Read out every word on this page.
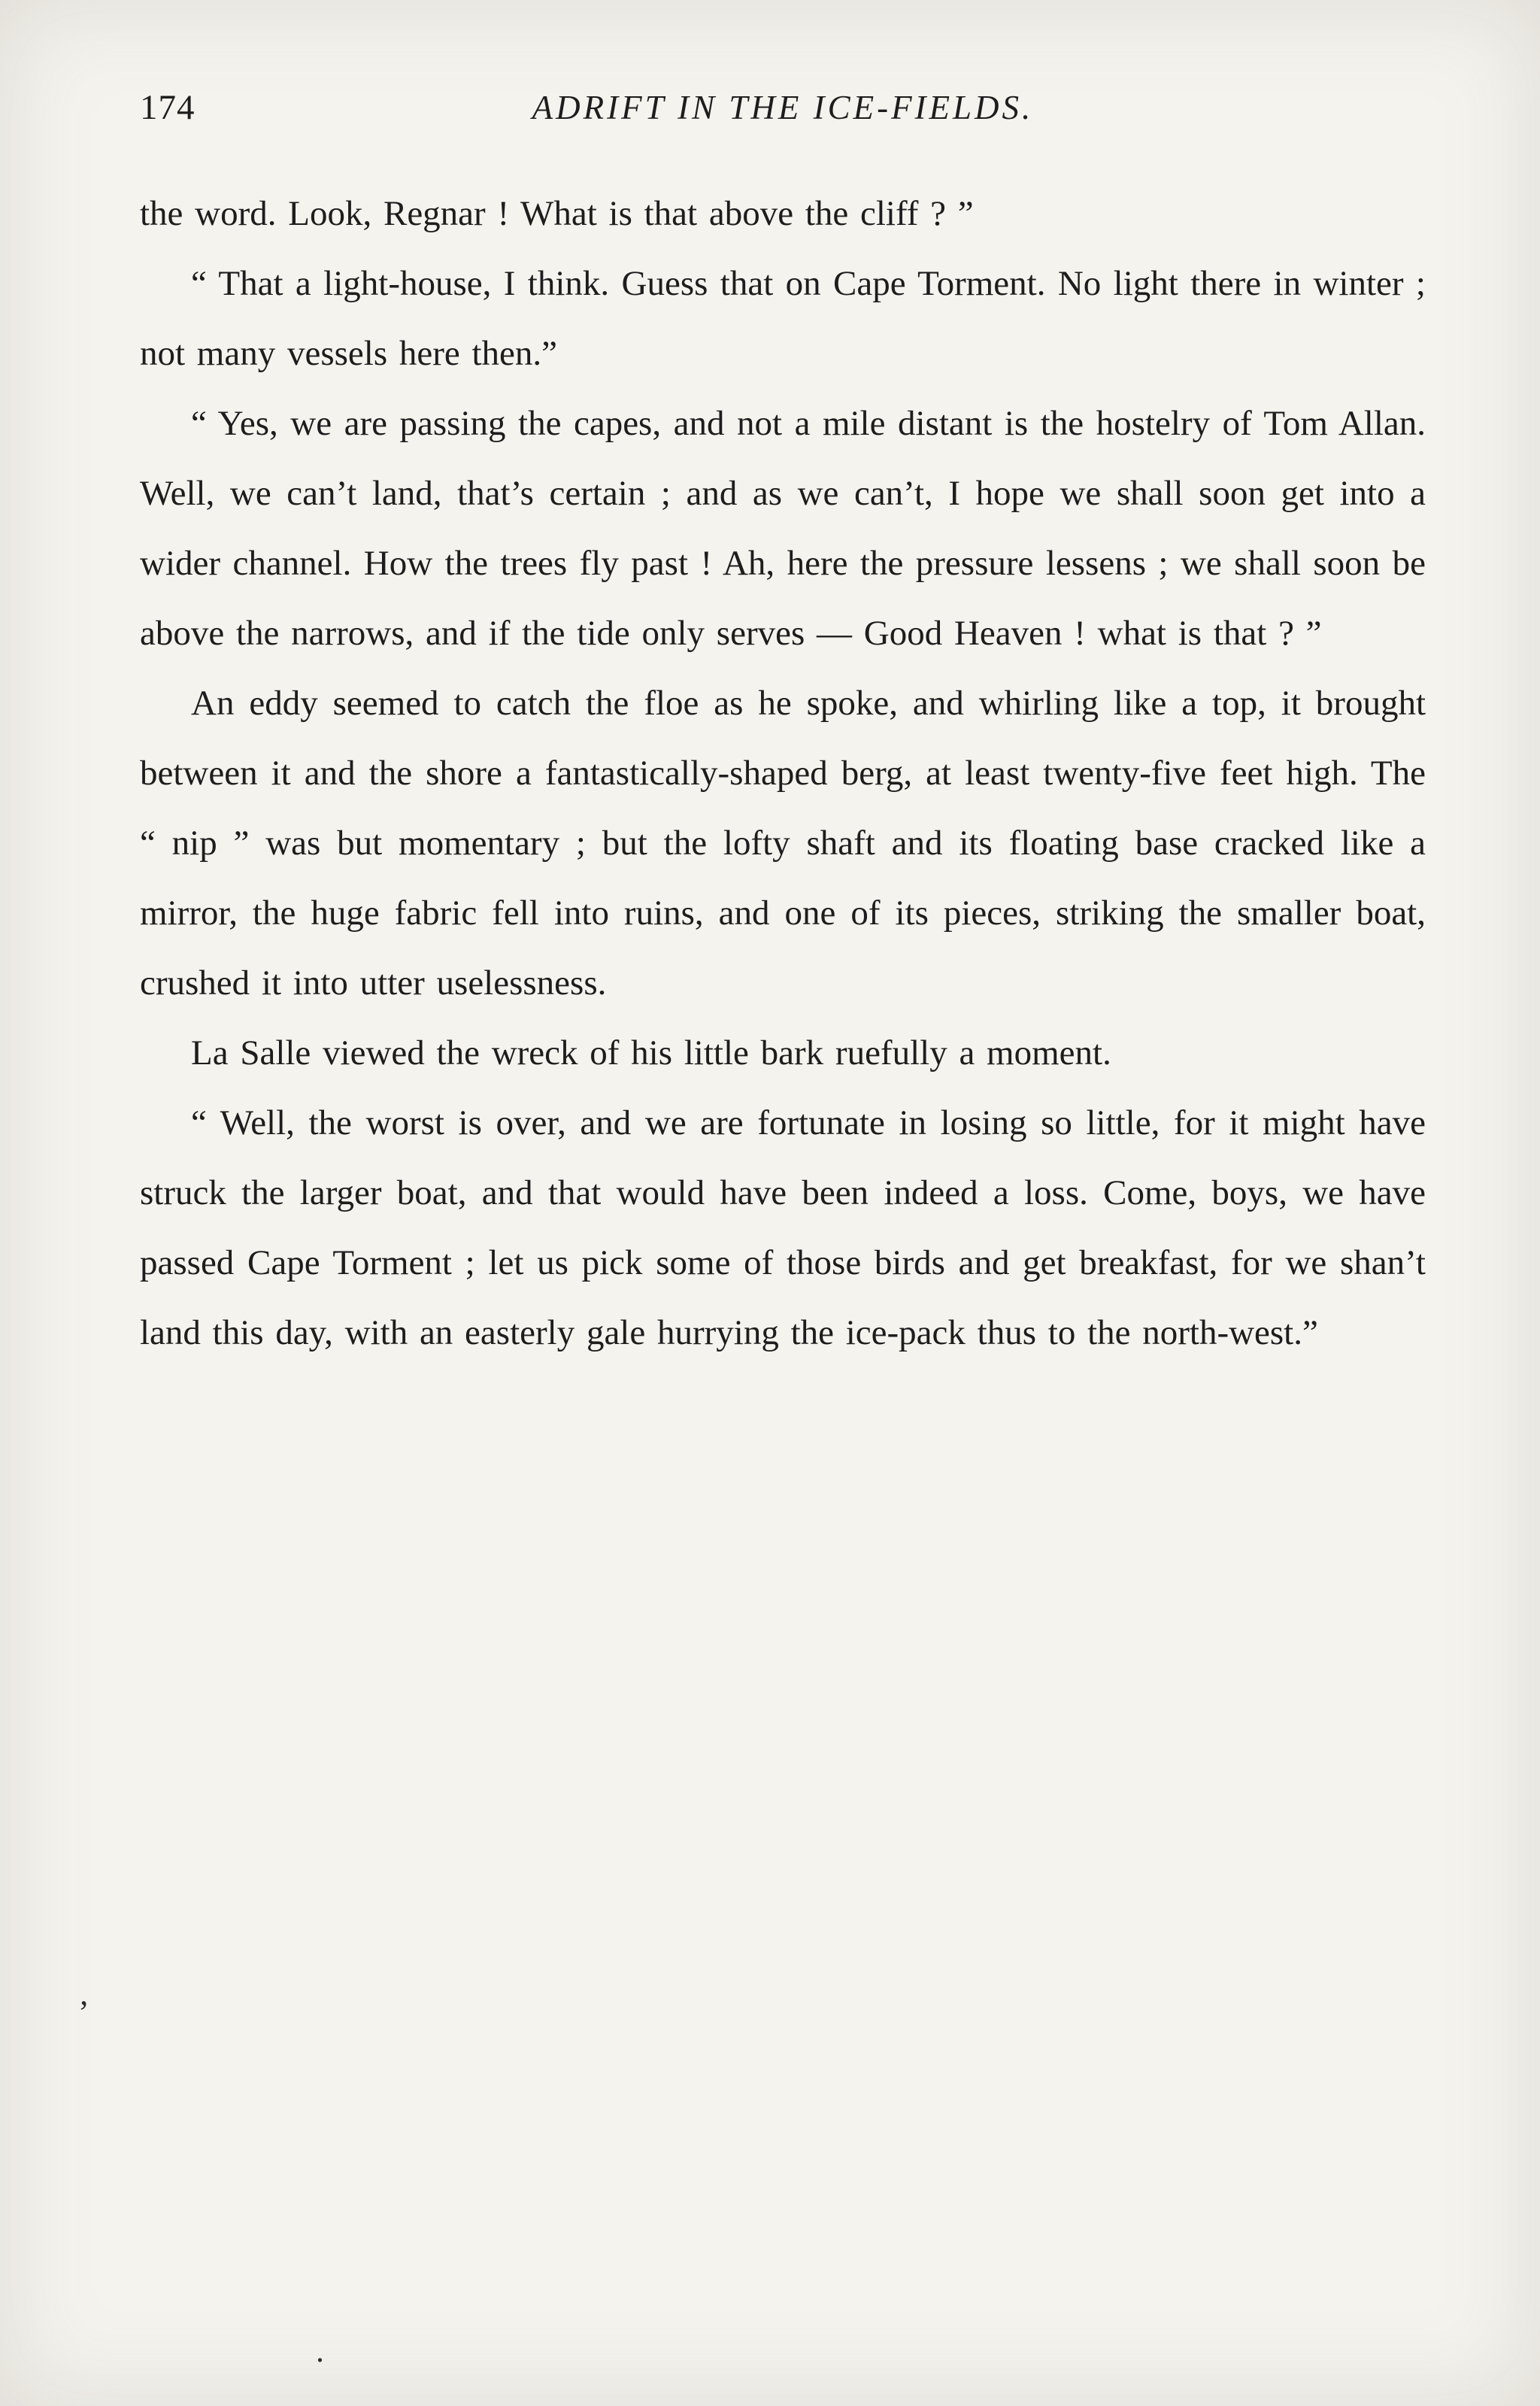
174	ADRIFT IN THE ICE-FIELDS.

the word. Look, Regnar ! What is that above the cliff ? ”

“ That a light-house, I think. Guess that on Cape Torment. No light there in winter ; not many vessels here then.”

“ Yes, we are passing the capes, and not a mile distant is the hostelry of Tom Allan. Well, we can’t land, that’s certain ; and as we can’t, I hope we shall soon get into a wider channel. How the trees fly past ! Ah, here the pressure lessens ; we shall soon be above the narrows, and if the tide only serves — Good Heaven ! what is that ? ”

An eddy seemed to catch the floe as he spoke, and whirling like a top, it brought between it and the shore a fantastically-shaped berg, at least twenty-five feet high. The “ nip ” was but momentary ; but the lofty shaft and its floating base cracked like a mirror, the huge fabric fell into ruins, and one of its pieces, striking the smaller boat, crushed it into utter uselessness.

La Salle viewed the wreck of his little bark ruefully a moment.

“ Well, the worst is over, and we are fortunate in losing so little, for it might have struck the larger boat, and that would have been indeed a loss. Come, boys, we have passed Cape Torment ; let us pick some of those birds and get breakfast, for we shan’t land this day, with an easterly gale hurrying the ice-pack thus to the north-west.”

’
.
